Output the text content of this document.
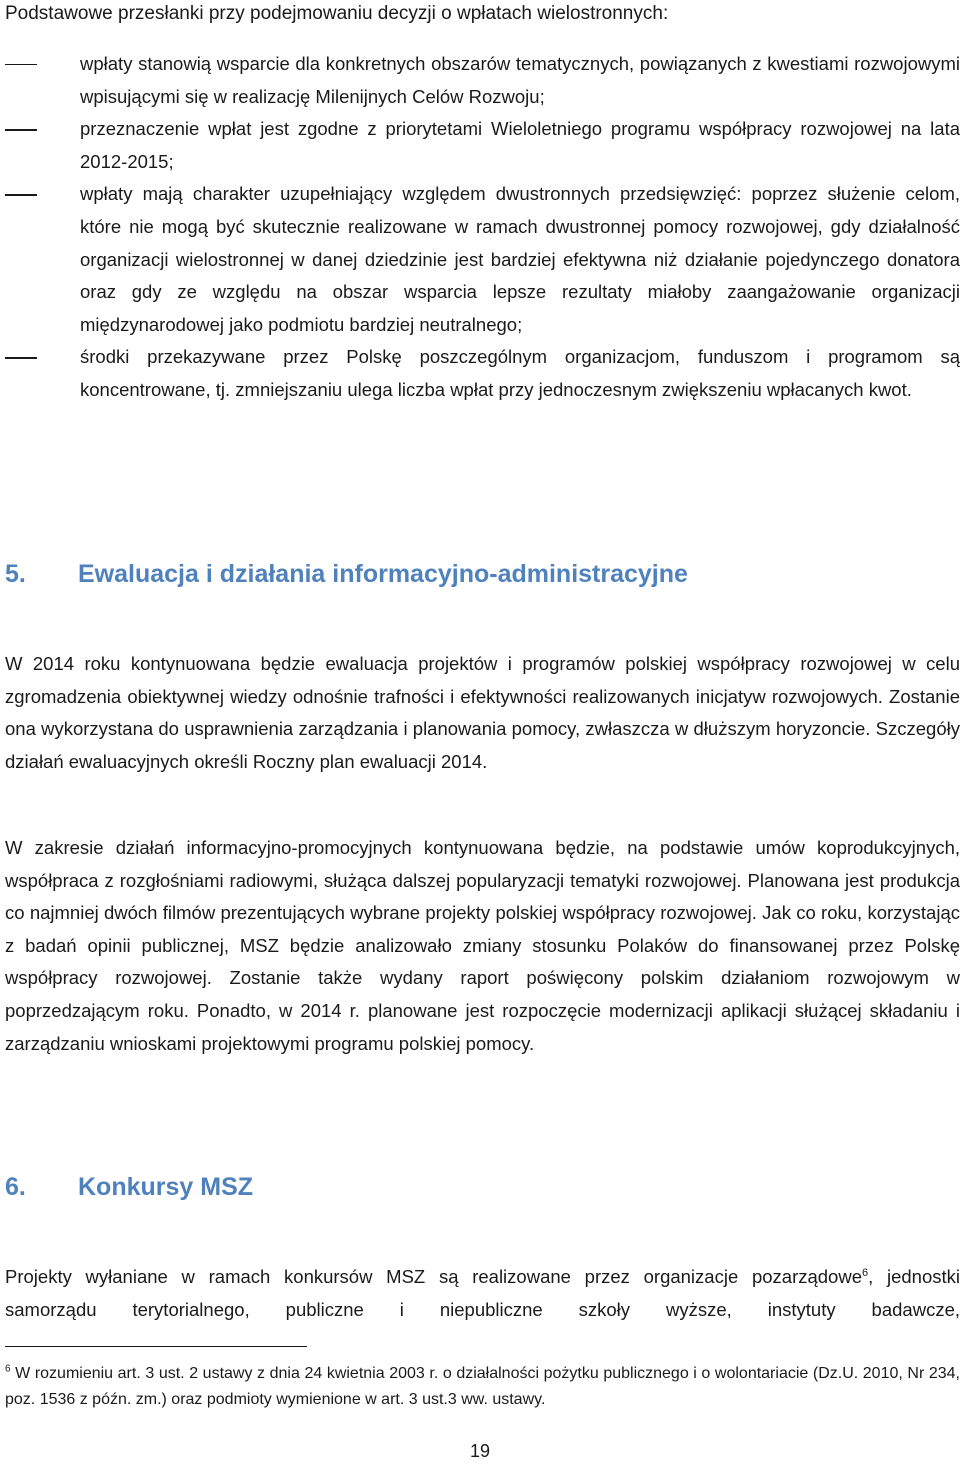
Podstawowe przesłanki przy podejmowaniu decyzji o wpłatach wielostronnych:
wpłaty stanowią wsparcie dla konkretnych obszarów tematycznych, powiązanych z kwestiami rozwojowymi wpisującymi się w realizację Milenijnych Celów Rozwoju;
przeznaczenie wpłat jest zgodne z priorytetami Wieloletniego programu współpracy rozwojowej na lata 2012-2015;
wpłaty mają charakter uzupełniający względem dwustronnych przedsięwzięć: poprzez służenie celom, które nie mogą być skutecznie realizowane w ramach dwustronnej pomocy rozwojowej, gdy działalność organizacji wielostronnej w danej dziedzinie jest bardziej efektywna niż działanie pojedynczego donatora oraz gdy ze względu na obszar wsparcia lepsze rezultaty miałoby zaangażowanie organizacji międzynarodowej jako podmiotu bardziej neutralnego;
środki przekazywane przez Polskę poszczególnym organizacjom, funduszom i programom są koncentrowane, tj. zmniejszaniu ulega liczba wpłat przy jednoczesnym zwiększeniu wpłacanych kwot.
5. Ewaluacja i działania informacyjno-administracyjne
W 2014 roku kontynuowana będzie ewaluacja projektów i programów polskiej współpracy rozwojowej w celu zgromadzenia obiektywnej wiedzy odnośnie trafności i efektywności realizowanych inicjatyw rozwojowych. Zostanie ona wykorzystana do usprawnienia zarządzania i planowania pomocy, zwłaszcza w dłuższym horyzoncie. Szczegóły działań ewaluacyjnych określi Roczny plan ewaluacji 2014.
W zakresie działań informacyjno-promocyjnych kontynuowana będzie, na podstawie umów koprodukcyjnych, współpraca z rozgłośniami radiowymi, służąca dalszej popularyzacji tematyki rozwojowej. Planowana jest produkcja co najmniej dwóch filmów prezentujących wybrane projekty polskiej współpracy rozwojowej. Jak co roku, korzystając z badań opinii publicznej, MSZ będzie analizowało zmiany stosunku Polaków do finansowanej przez Polskę współpracy rozwojowej. Zostanie także wydany raport poświęcony polskim działaniom rozwojowym w poprzedzającym roku. Ponadto, w 2014 r. planowane jest rozpoczęcie modernizacji aplikacji służącej składaniu i zarządzaniu wnioskami projektowymi programu polskiej pomocy.
6. Konkursy MSZ
Projekty wyłaniane w ramach konkursów MSZ są realizowane przez organizacje pozarządowe$^6$, jednostki samorządu terytorialnego, publiczne i niepubliczne szkoły wyższe, instytuty badawcze,
$^6$ W rozumieniu art. 3 ust. 2 ustawy z dnia 24 kwietnia 2003 r. o działalności pożytku publicznego i o wolontariacie (Dz.U. 2010, Nr 234, poz. 1536 z późn. zm.) oraz podmioty wymienione w art. 3 ust.3 ww. ustawy.
19
